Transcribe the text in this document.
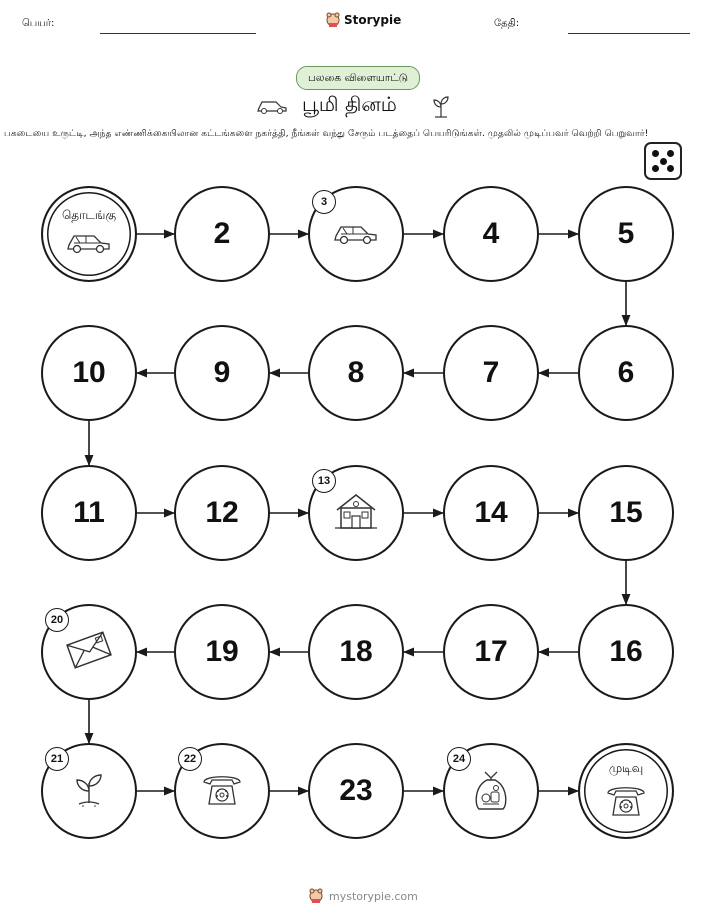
பெயர்:	Storypie	தேதி:
பலகை விளையாட்டு
பூமி தினம்
பகடையை உருட்டி, அந்த எண்ணிக்கையிலான கட்டங்களை நகர்த்தி, நீங்கள் வந்து சேரும் படத்தைப் பெயரிடுங்கள். முதலில் முடிப்பவர் வெற்றி பெறுவார்!
தொடங்கு
2
3
4	5
6
7
8
9
10
11	12
13
14	15
16
17
18
19
20
21	22
23
24
முடிவு
mystorypie.com
